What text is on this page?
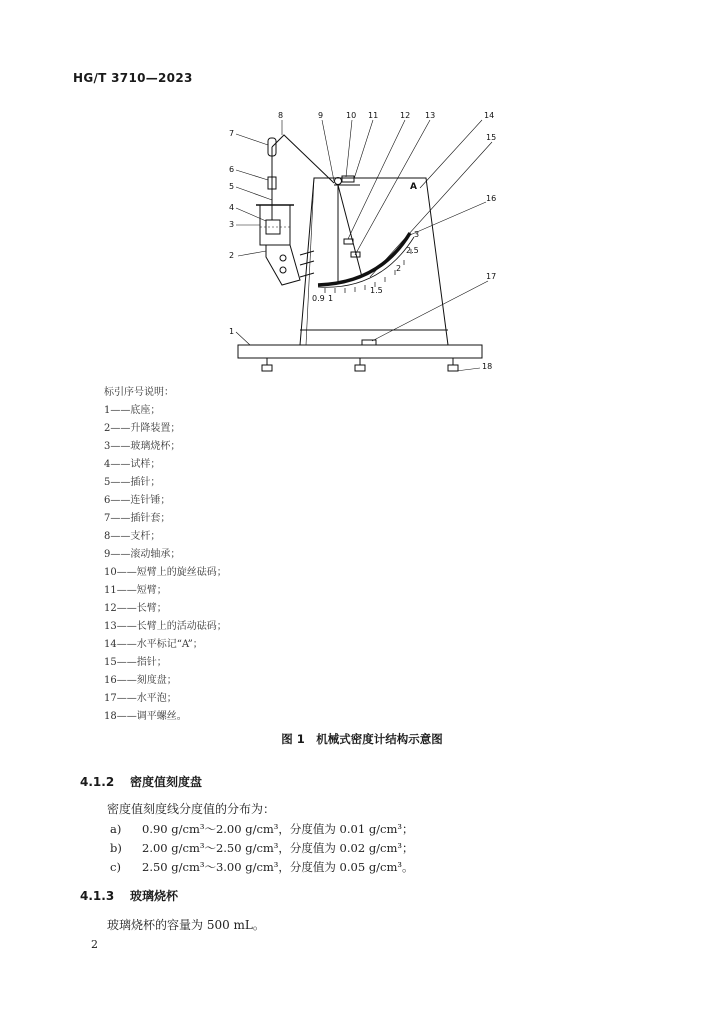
HG/T 3710—2023
1
2
3
4
5
6
7
8	9	10 11	12 13	14
15
16
17
18
A
0.9 1
1.5
2
2.5
3
标引序号说明：
1——底座；
2——升降装置；
3——玻璃烧杯；
4——试样；
5——插针；
6——连针锤；
7——插针套；
8——支杆；
9——滚动轴承；
10——短臂上的旋丝砝码；
11——短臂；
12——长臂；
13——长臂上的活动砝码；
14——水平标记“A”；
15——指针；
16——刻度盘；
17——水平泡；
18——调平螺丝。
图 1　机械式密度计结构示意图
4.1.2 密度值刻度盘
密度值刻度线分度值的分布为：
a) 0.90 g/cm³～2.00 g/cm³，分度值为 0.01 g/cm³；
b) 2.00 g/cm³～2.50 g/cm³，分度值为 0.02 g/cm³；
c) 2.50 g/cm³～3.00 g/cm³，分度值为 0.05 g/cm³。
4.1.3 玻璃烧杯
玻璃烧杯的容量为 500 mL。
2
